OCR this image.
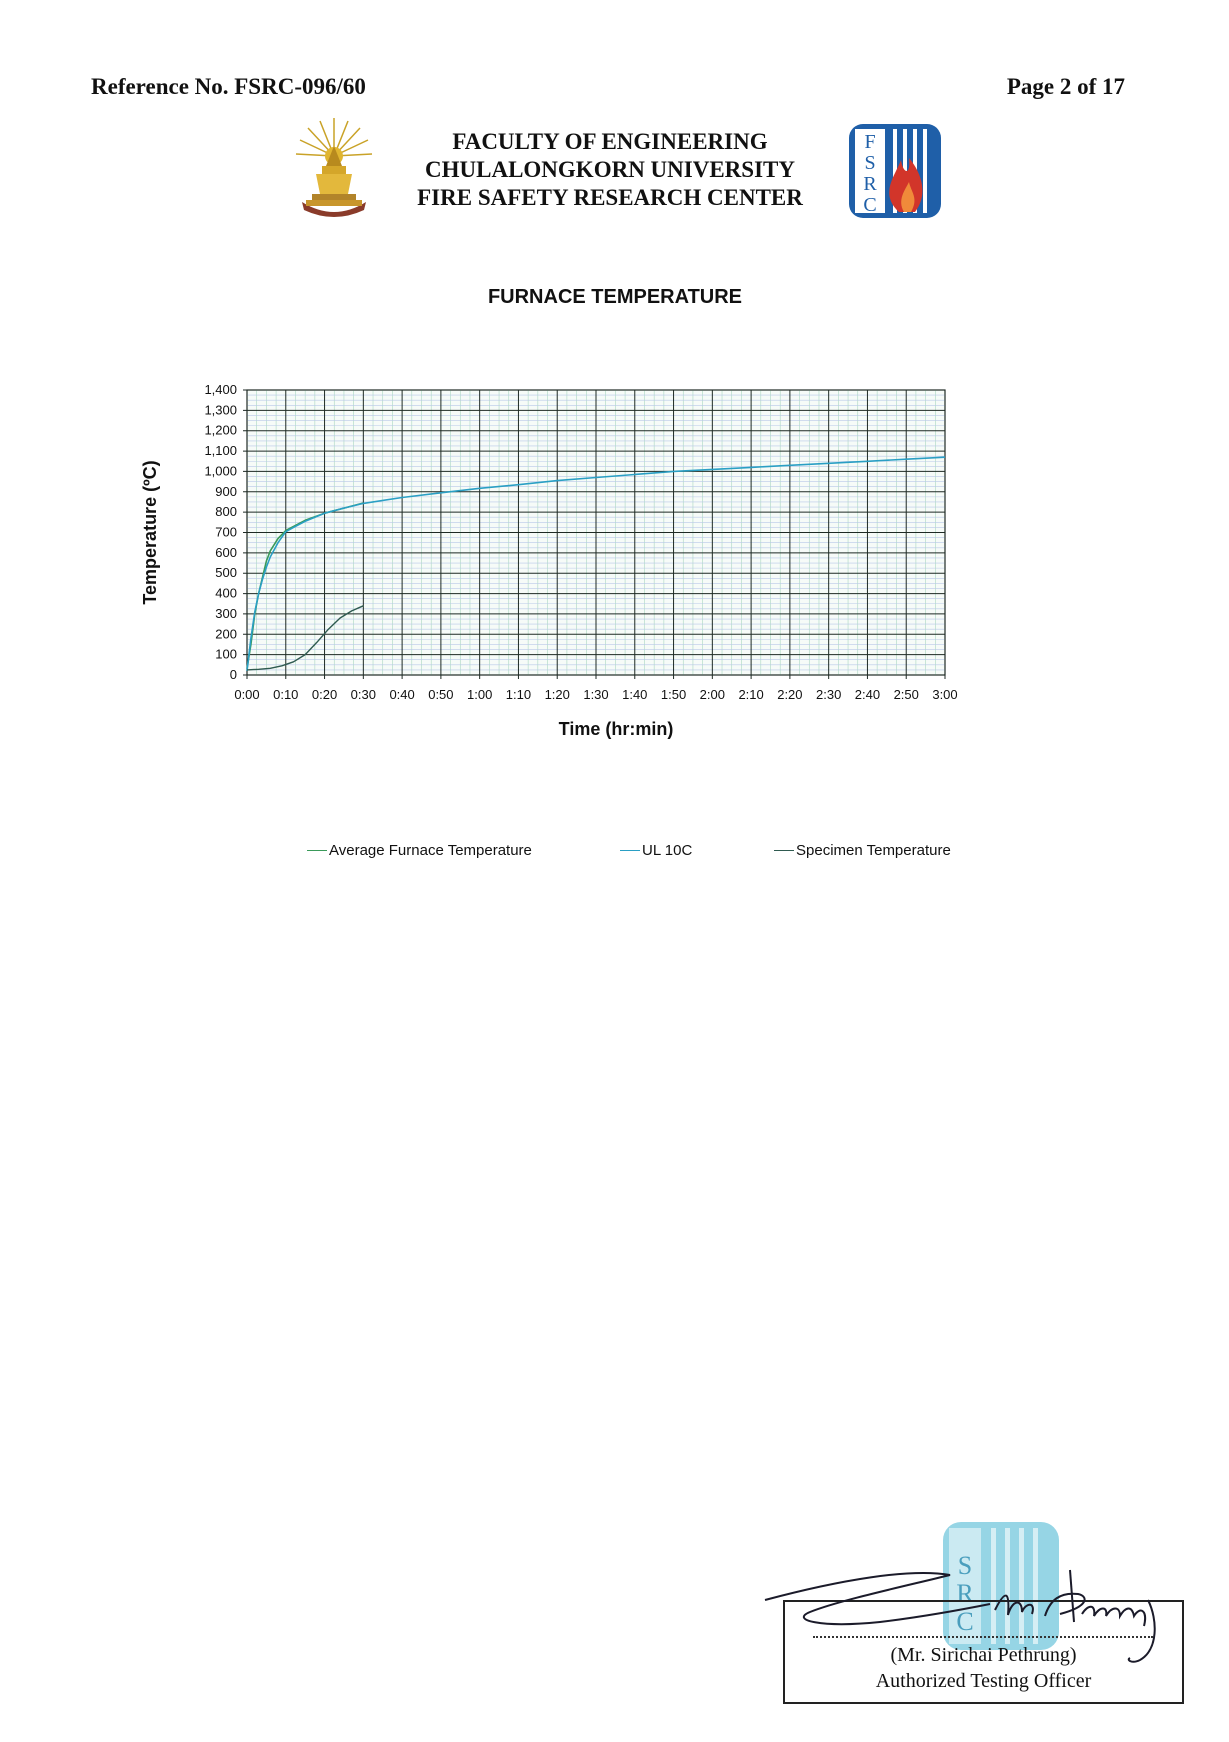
Reference No. FSRC-096/60	Page 2 of 17
FACULTY OF ENGINEERING
CHULALONGKORN UNIVERSITY
FIRE SAFETY RESEARCH CENTER
F
S
R
C
FURNACE TEMPERATURE
0:00 0:10 0:20 0:30 0:40 0:50 1:00 1:10 1:20 1:30 1:40 1:50 2:00 2:10 2:20 2:30 2:40 2:50 3:00
0
100
200
300
400
500
600
700
800
900
1,000
1,100
1,200
1,300
1,400
Time (hr:min)
Temperature (ºC)
Average Furnace Temperature	UL 10C	Specimen Temperature
S
R
C
(Mr. Sirichai Pethrung)
Authorized Testing Officer
